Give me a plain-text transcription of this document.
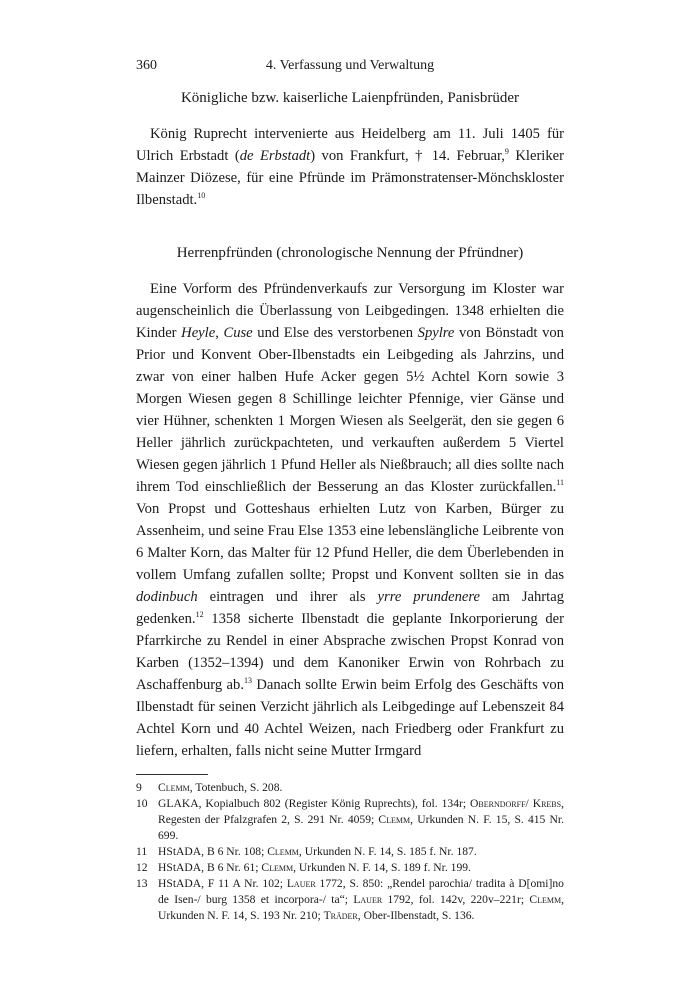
360	4. Verfassung und Verwaltung
Königliche bzw. kaiserliche Laienpfründen, Panisbrüder

König Ruprecht intervenierte aus Heidelberg am 11. Juli 1405 für Ulrich Erbstadt (de Erbstadt) von Frankfurt, † 14. Februar,$^9$ Kleriker Mainzer Diözese, für eine Pfründe im Prämonstratenser-Mönchskloster Ilbenstadt.$^{10}$

Herrenpfründen (chronologische Nennung der Pfründner)

Eine Vorform des Pfründenverkaufs zur Versorgung im Kloster war augenscheinlich die Überlassung von Leibgedingen. 1348 erhielten die Kinder Heyle, Cuse und Else des verstorbenen Spylre von Bönstadt von Prior und Konvent Ober-Ilbenstadts ein Leibgeding als Jahrzins, und zwar von einer halben Hufe Acker gegen 5½ Achtel Korn sowie 3 Morgen Wiesen gegen 8 Schillinge leichter Pfennige, vier Gänse und vier Hühner, schenkten 1 Morgen Wiesen als Seelgerät, den sie gegen 6 Heller jährlich zurückpachteten, und verkauften außerdem 5 Viertel Wiesen gegen jährlich 1 Pfund Heller als Nießbrauch; all dies sollte nach ihrem Tod einschließlich der Besserung an das Kloster zurückfallen.$^{11}$ Von Propst und Gotteshaus erhielten Lutz von Karben, Bürger zu Assenheim, und seine Frau Else 1353 eine lebenslängliche Leibrente von 6 Malter Korn, das Malter für 12 Pfund Heller, die dem Überlebenden in vollem Umfang zufallen sollte; Propst und Konvent sollten sie in das dodinbuch eintragen und ihrer als yrre prundenere am Jahrtag gedenken.$^{12}$ 1358 sicherte Ilbenstadt die geplante Inkorporierung der Pfarrkirche zu Rendel in einer Absprache zwischen Propst Konrad von Karben (1352–1394) und dem Kanoniker Erwin von Rohrbach zu Aschaffenburg ab.$^{13}$ Danach sollte Erwin beim Erfolg des Geschäfts von Ilbenstadt für seinen Verzicht jährlich als Leibgedinge auf Lebenszeit 84 Achtel Korn und 40 Achtel Weizen, nach Friedberg oder Frankfurt zu liefern, erhalten, falls nicht seine Mutter Irmgard

9 Clemm, Totenbuch, S. 208.
10 GLAKA, Kopialbuch 802 (Register König Ruprechts), fol. 134r; Oberndorff/ Krebs, Regesten der Pfalzgrafen 2, S. 291 Nr. 4059; Clemm, Urkunden N. F. 15, S. 415 Nr. 699.
11 HStADA, B 6 Nr. 108; Clemm, Urkunden N. F. 14, S. 185 f. Nr. 187.
12 HStADA, B 6 Nr. 61; Clemm, Urkunden N. F. 14, S. 189 f. Nr. 199.
13 HStADA, F 11 A Nr. 102; Lauer 1772, S. 850: „Rendel parochia/ tradita à D[omi]no de Isen-/ burg 1358 et incorpora-/ ta“; Lauer 1792, fol. 142v, 220v–221r; Clemm, Urkunden N. F. 14, S. 193 Nr. 210; Träder, Ober-Ilbenstadt, S. 136.
